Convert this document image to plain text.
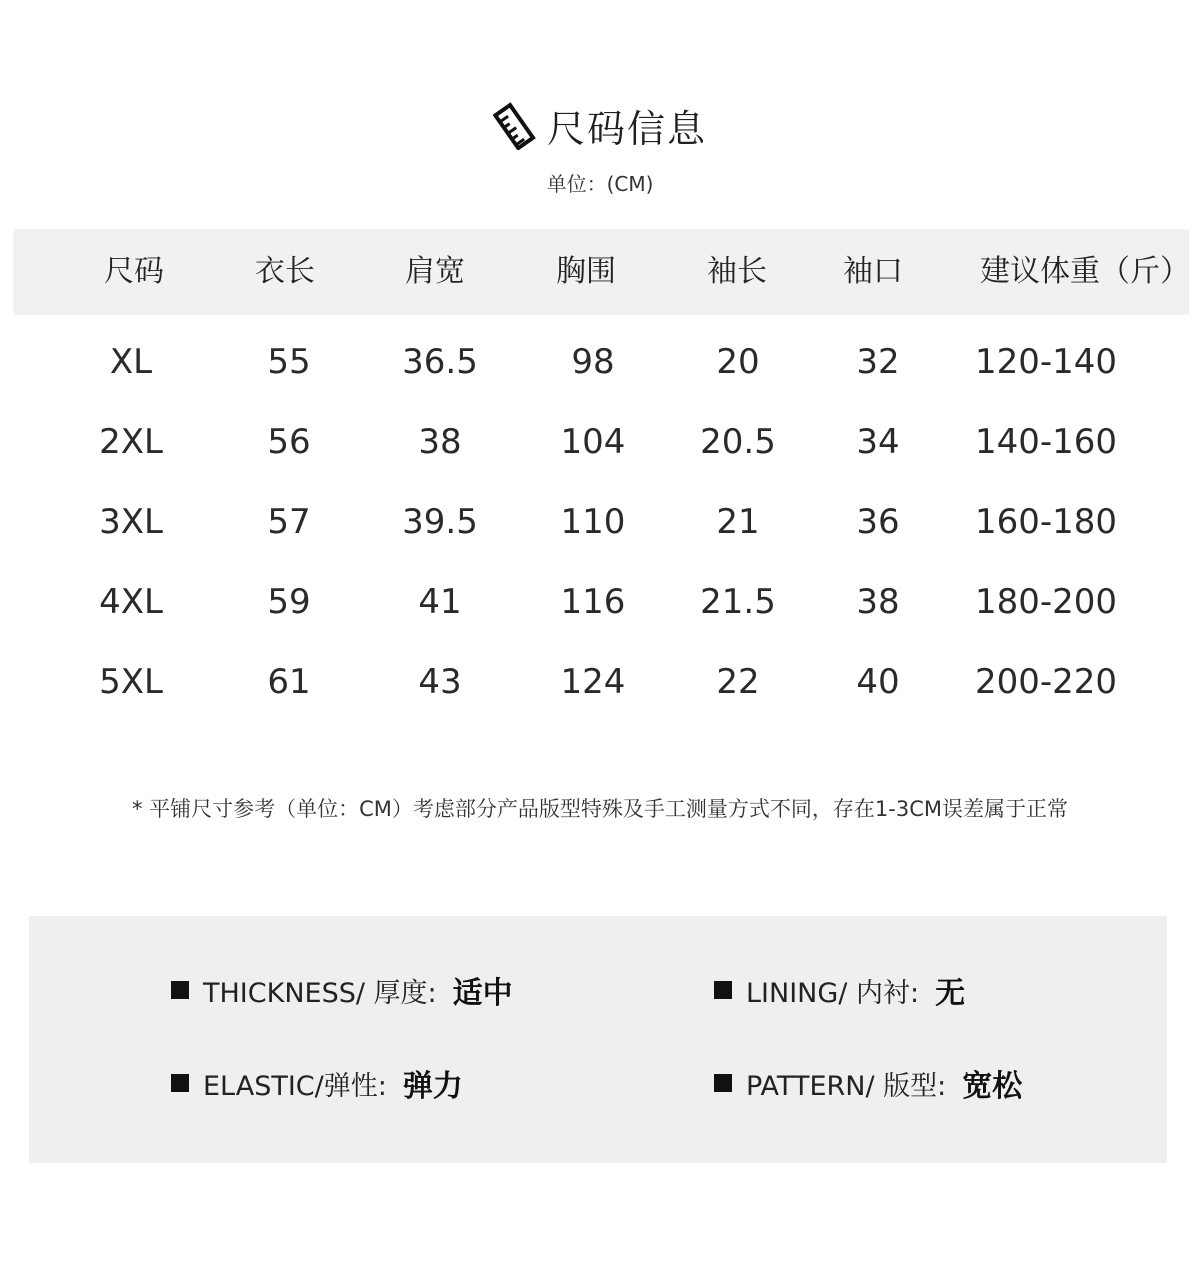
尺码信息
单位：(CM)
尺码	衣长	肩宽	胸围	袖长	袖口	建议体重（斤）
XL	55	36.5	98	20	32	120-140
2XL	56	38	104	20.5	34	140-160
3XL	57	39.5	110	21	36	160-180
4XL	59	41	116	21.5	38	180-200
5XL	61	43	124	22	40	200-220
* 平铺尺寸参考（单位：CM）考虑部分产品版型特殊及手工测量方式不同，存在1-3CM误差属于正常
THICKNESS/ 厚度: 适中	LINING/ 内衬: 无
ELASTIC/弹性: 弹力	PATTERN/ 版型: 宽松
